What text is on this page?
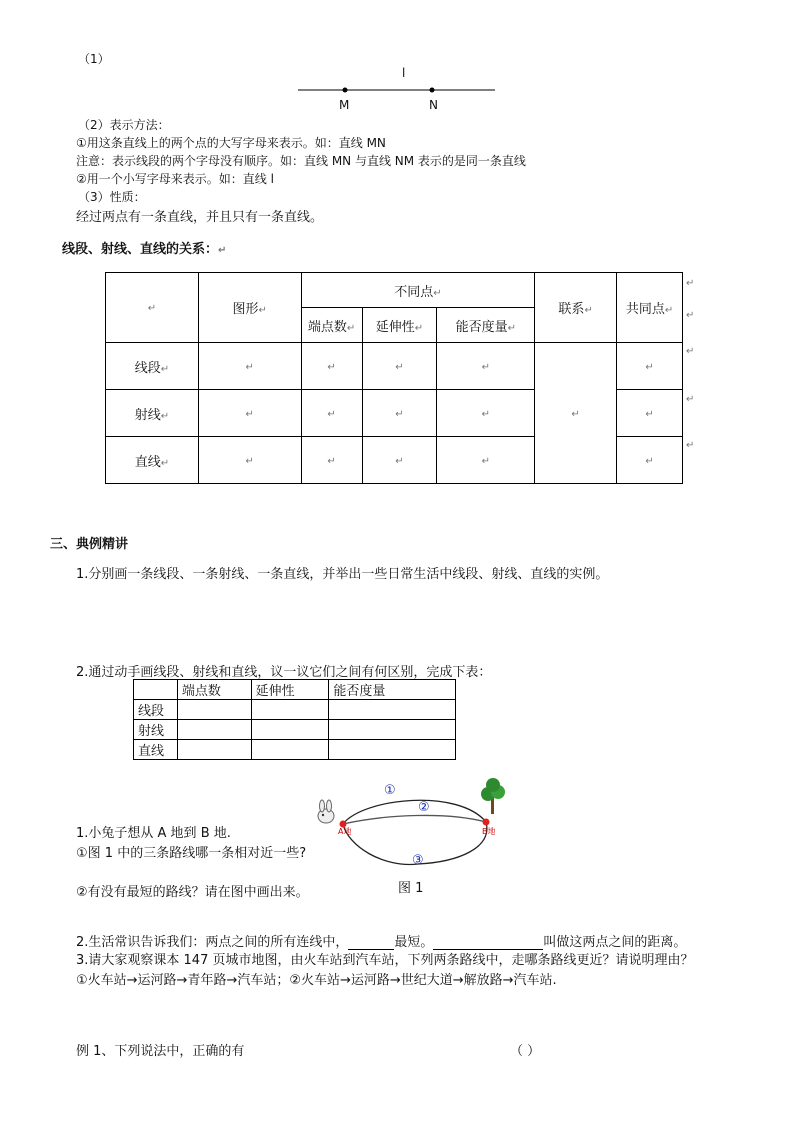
（1）
l
M	N
（2）表示方法：
①用这条直线上的两个点的大写字母来表示。如：直线 MN
注意：表示线段的两个字母没有顺序。如：直线 MN 与直线 NM 表示的是同一条直线
②用一个小写字母来表示。如：直线 l
（3）性质：
经过两点有一条直线，并且只有一条直线。
线段、射线、直线的关系：↵
↵	图形↵	不同点↵			联系↵	共同点↵
		端点数↵	延伸性↵	能否度量↵		
线段↵	↵	↵	↵	↵	↵	↵
射线↵	↵	↵	↵	↵		↵
直线↵	↵	↵	↵	↵		↵
↵
↵
↵
↵
↵
三、典例精讲
1.分别画一条线段、一条射线、一条直线，并举出一些日常生活中线段、射线、直线的实例。
2.通过动手画线段、射线和直线，议一议它们之间有何区别，完成下表：
	端点数	延伸性	能否度量
线段			
射线			
直线			
1.小兔子想从 A 地到 B 地.
①图 1 中的三条路线哪一条相对近一些?
②有没有最短的路线？请在图中画出来。
A地	B地
①
②
③
图 1
2.生活常识告诉我们：两点之间的所有连线中，	最短。	叫做这两点之间的距离。
3.请大家观察课本 147 页城市地图，由火车站到汽车站，下列两条路线中，走哪条路线更近？请说明理由？
①火车站→运河路→青年路→汽车站；②火车站→运河路→世纪大道→解放路→汽车站.
例 1、下列说法中，正确的有	（ ）
